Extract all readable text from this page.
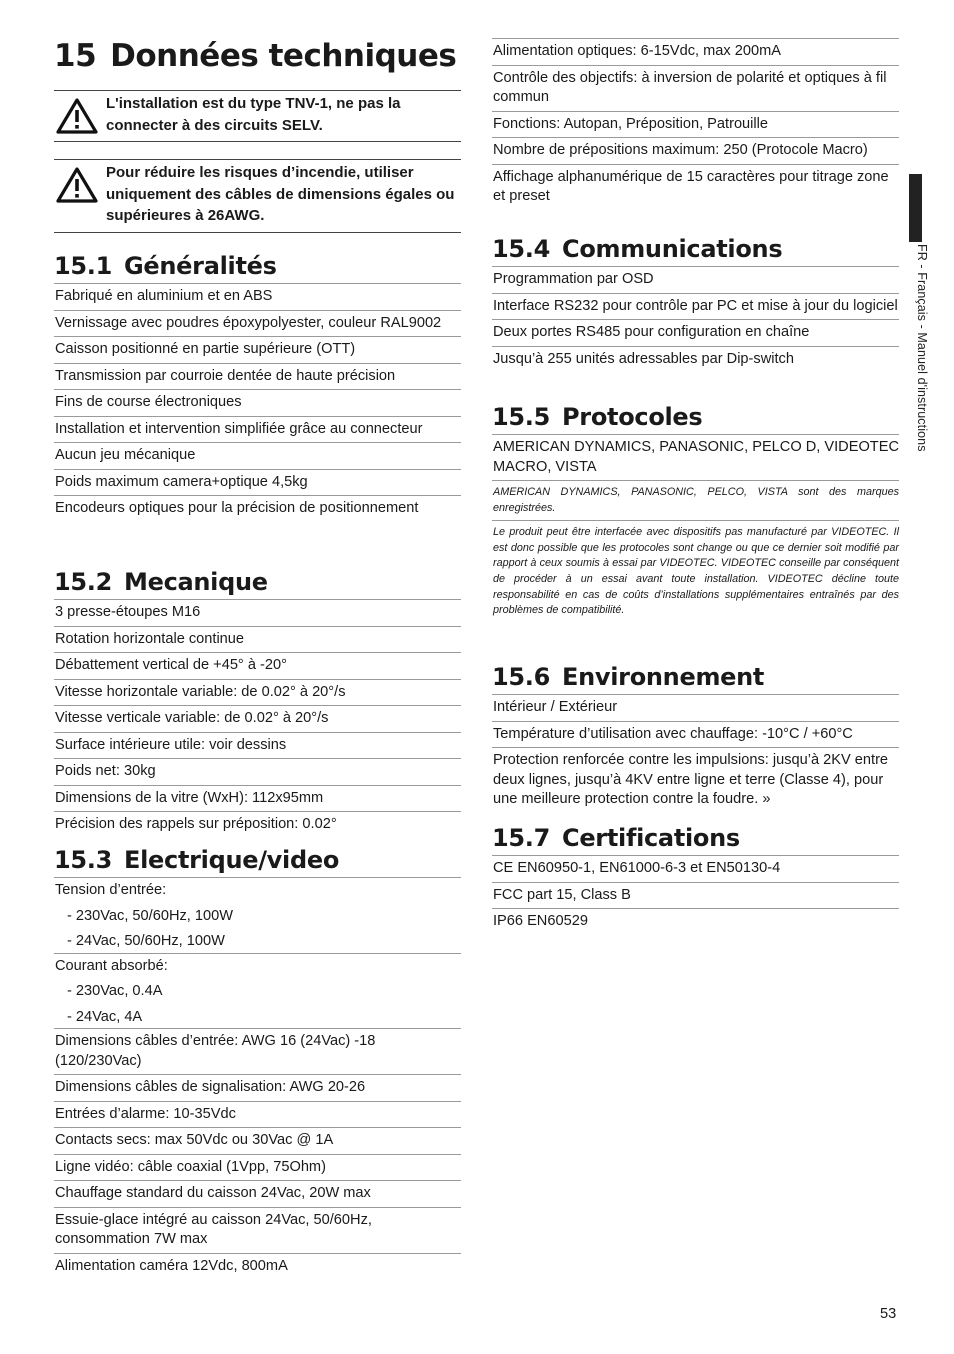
15 Données techniques
L'installation est du type TNV-1, ne pas la connecter à des circuits SELV.
Pour réduire les risques d’incendie, utiliser uniquement des câbles de dimensions égales ou supérieures à 26AWG.
15.1 Généralités
Fabriqué en aluminium et en ABS
Vernissage avec poudres époxypolyester, couleur RAL9002
Caisson positionné en partie supérieure (OTT)
Transmission par courroie dentée de haute précision
Fins de course électroniques
Installation et intervention simplifiée grâce au connecteur
Aucun jeu mécanique
Poids maximum camera+optique 4,5kg
Encodeurs optiques pour la précision de positionnement
15.2 Mecanique
3 presse-étoupes M16
Rotation horizontale continue
Débattement vertical de +45° à -20°
Vitesse horizontale variable: de 0.02° à 20°/s
Vitesse verticale variable: de 0.02° à 20°/s
Surface intérieure utile: voir dessins
Poids net: 30kg
Dimensions de la vitre (WxH): 112x95mm
Précision des rappels sur préposition: 0.02°
15.3 Electrique/video
Tension d’entrée:
- 230Vac, 50/60Hz, 100W
- 24Vac, 50/60Hz, 100W
Courant absorbé:
- 230Vac, 0.4A
- 24Vac, 4A
Dimensions câbles d’entrée: AWG 16 (24Vac) -18 (120/230Vac)
Dimensions câbles de signalisation: AWG 20-26
Entrées d’alarme: 10-35Vdc
Contacts secs: max 50Vdc ou 30Vac @ 1A
Ligne vidéo: câble coaxial (1Vpp, 75Ohm)
Chauffage standard du caisson 24Vac, 20W max
Essuie-glace intégré au caisson 24Vac, 50/60Hz, consommation 7W max
Alimentation caméra 12Vdc, 800mA
Alimentation optiques: 6-15Vdc, max 200mA
Contrôle des objectifs: à inversion de polarité et optiques à fil commun
Fonctions: Autopan, Préposition, Patrouille
Nombre de prépositions maximum: 250 (Protocole Macro)
Affichage alphanumérique de 15 caractères pour titrage zone et preset
15.4 Communications
Programmation par OSD
Interface RS232 pour contrôle par PC et mise à jour du logiciel
Deux portes RS485 pour configuration en chaîne
Jusqu’à 255 unités adressables par Dip-switch
15.5 Protocoles
AMERICAN DYNAMICS, PANASONIC, PELCO D, VIDEOTEC MACRO, VISTA
AMERICAN DYNAMICS, PANASONIC, PELCO, VISTA sont des marques enregistrées.
Le produit peut être interfacée avec dispositifs pas manufacturé par VIDEOTEC. Il est donc possible que les protocoles sont change ou que ce dernier soit modifié par rapport à ceux soumis à essai par VIDEOTEC. VIDEOTEC conseille par conséquent de procéder à un essai avant toute installation. VIDEOTEC décline toute responsabilité en cas de coûts d’installations supplémentaires entraînés par des problèmes de compatibilité.
15.6 Environnement
Intérieur / Extérieur
Température d’utilisation avec chauffage: -10°C / +60°C
Protection renforcée contre les impulsions: jusqu’à 2KV entre deux lignes, jusqu’à 4KV entre ligne et terre (Classe 4), pour une meilleure protection contre la foudre. »
15.7 Certifications
CE EN60950-1, EN61000-6-3 et EN50130-4
FCC part 15, Class B
IP66 EN60529
FR - Français - Manuel d'instructions
53
